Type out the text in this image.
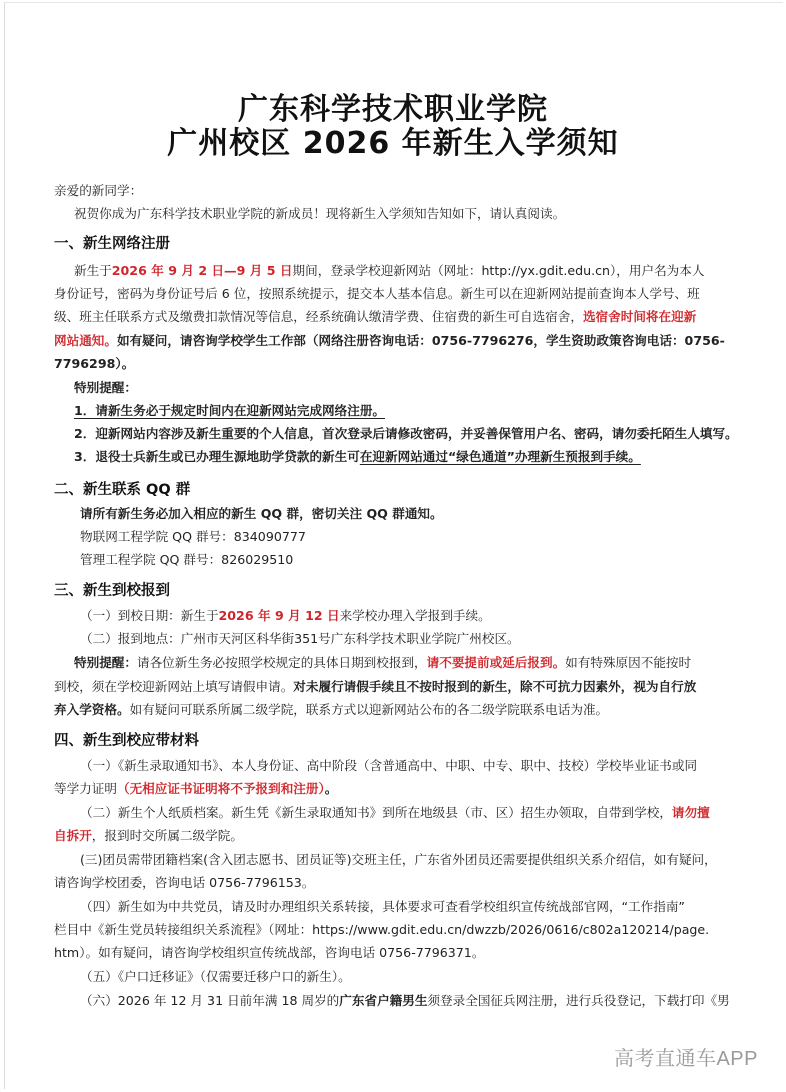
广东科学技术职业学院
广州校区 2026 年新生入学须知
亲爱的新同学：
祝贺你成为广东科学技术职业学院的新成员！现将新生入学须知告知如下，请认真阅读。
一、新生网络注册
新生于2026 年 9 月 2 日—9 月 5 日期间，登录学校迎新网站（网址：http://yx.gdit.edu.cn），用户名为本人
身份证号，密码为身份证号后 6 位，按照系统提示，提交本人基本信息。新生可以在迎新网站提前查询本人学号、班
级、班主任联系方式及缴费扣款情况等信息，经系统确认缴清学费、住宿费的新生可自选宿舍，选宿舍时间将在迎新
网站通知。如有疑问，请咨询学校学生工作部（网络注册咨询电话：0756-7796276，学生资助政策咨询电话：0756-
7796298）。
特别提醒：
1．请新生务必于规定时间内在迎新网站完成网络注册。
2．迎新网站内容涉及新生重要的个人信息，首次登录后请修改密码，并妥善保管用户名、密码，请勿委托陌生人填写。
3．退役士兵新生或已办理生源地助学贷款的新生可在迎新网站通过“绿色通道”办理新生预报到手续。
二、新生联系 QQ 群
请所有新生务必加入相应的新生 QQ 群，密切关注 QQ 群通知。
物联网工程学院 QQ 群号：834090777
管理工程学院 QQ 群号：826029510
三、新生到校报到
（一）到校日期：新生于2026 年 9 月 12 日来学校办理入学报到手续。
（二）报到地点：广州市天河区科华街351号广东科学技术职业学院广州校区。
特别提醒：请各位新生务必按照学校规定的具体日期到校报到，请不要提前或延后报到。如有特殊原因不能按时
到校，须在学校迎新网站上填写请假申请。对未履行请假手续且不按时报到的新生，除不可抗力因素外，视为自行放
弃入学资格。如有疑问可联系所属二级学院，联系方式以迎新网站公布的各二级学院联系电话为准。
四、新生到校应带材料
（一）《新生录取通知书》、本人身份证、高中阶段（含普通高中、中职、中专、职中、技校）学校毕业证书或同
等学力证明（无相应证书证明将不予报到和注册）。
（二）新生个人纸质档案。新生凭《新生录取通知书》到所在地级县（市、区）招生办领取，自带到学校，请勿擅
自拆开，报到时交所属二级学院。
(三)团员需带团籍档案(含入团志愿书、团员证等)交班主任，广东省外团员还需要提供组织关系介绍信，如有疑问，
请咨询学校团委，咨询电话 0756-7796153。
（四）新生如为中共党员，请及时办理组织关系转接，具体要求可查看学校组织宣传统战部官网，“工作指南”
栏目中《新生党员转接组织关系流程》（网址：https://www.gdit.edu.cn/dwzzb/2026/0616/c802a120214/page.
htm）。如有疑问，请咨询学校组织宣传统战部，咨询电话 0756-7796371。
（五）《户口迁移证》（仅需要迁移户口的新生）。
（六）2026 年 12 月 31 日前年满 18 周岁的广东省户籍男生须登录全国征兵网注册，进行兵役登记，下载打印《男
高考直通车APP
